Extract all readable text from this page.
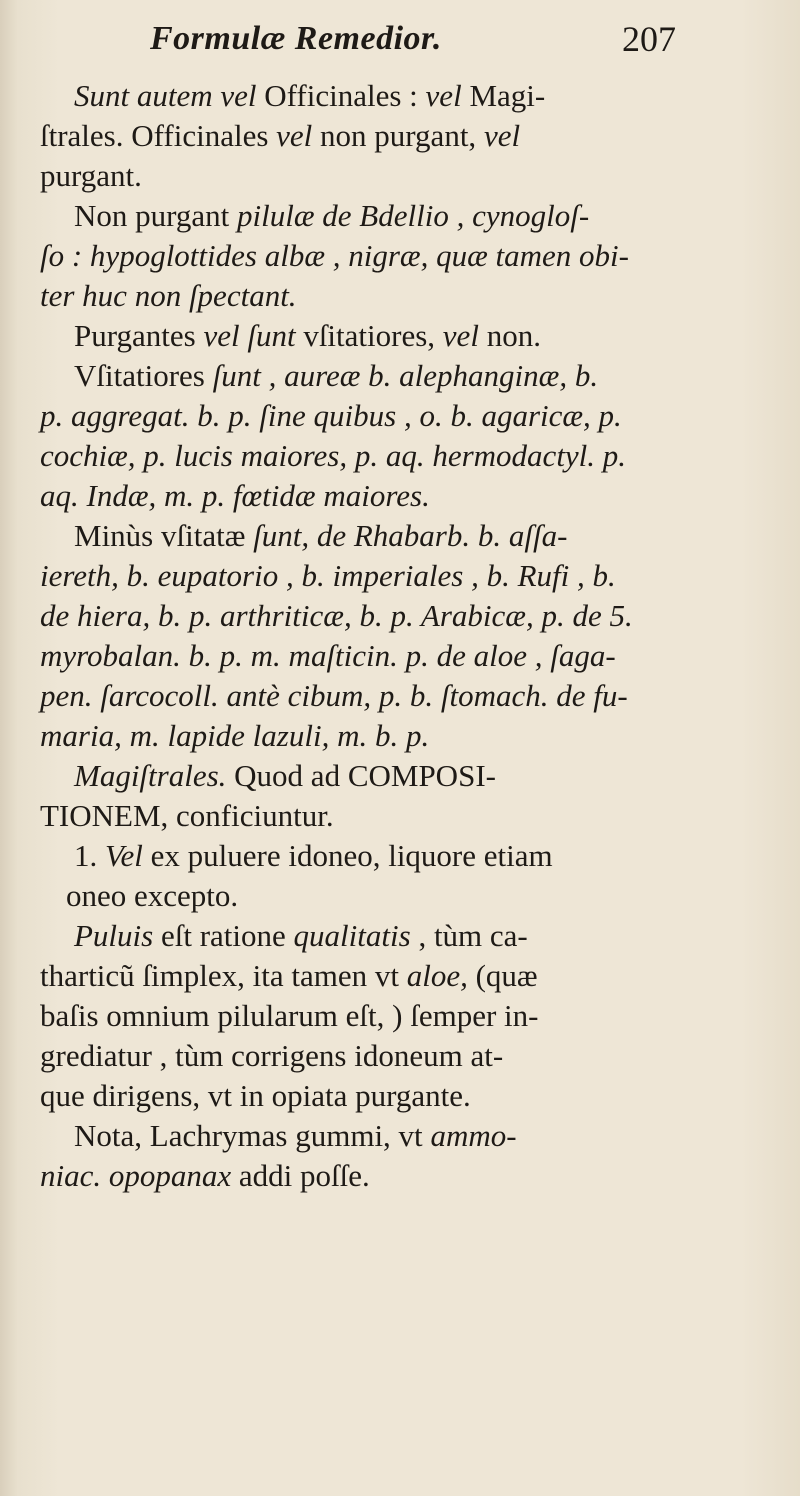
Formulæ Remedior.	207
Sunt autem vel Officinales : vel Magi-
ſtrales. Officinales vel non purgant, vel
purgant.
Non purgant pilulæ de Bdellio , cynogloſ-
ſo : hypoglottides albæ , nigræ, quæ tamen obi-
ter huc non ſpectant.
Purgantes vel ſunt vſitatiores, vel non.
Vſitatiores ſunt , aureæ b. alephanginæ, b.
p. aggregat. b. p. ſine quibus , o. b. agaricæ, p.
cochiæ, p. lucis maiores, p. aq. hermodactyl. p.
aq. Indæ, m. p. fœtidæ maiores.
Minùs vſitatæ ſunt, de Rhabarb. b. aſſa-
iereth, b. eupatorio , b. imperiales , b. Rufi , b.
de hiera, b. p. arthriticæ, b. p. Arabicæ, p. de 5.
myrobalan. b. p. m. maſticin. p. de aloe , ſaga-
pen. ſarcocoll. antè cibum, p. b. ſtomach. de fu-
maria, m. lapide lazuli, m. b. p.
Magiſtrales. Quod ad COMPOSI-
TIONEM, conficiuntur.
1. Vel ex puluere idoneo, liquore etiam
oneo excepto.
Puluis eſt ratione qualitatis , tùm ca-
tharticũ ſimplex, ita tamen vt aloe, (quæ
baſis omnium pilularum eſt, ) ſemper in-
grediatur , tùm corrigens idoneum at-
que dirigens, vt in opiata purgante.
Nota, Lachrymas gummi, vt ammo-
niac. opopanax addi poſſe.
